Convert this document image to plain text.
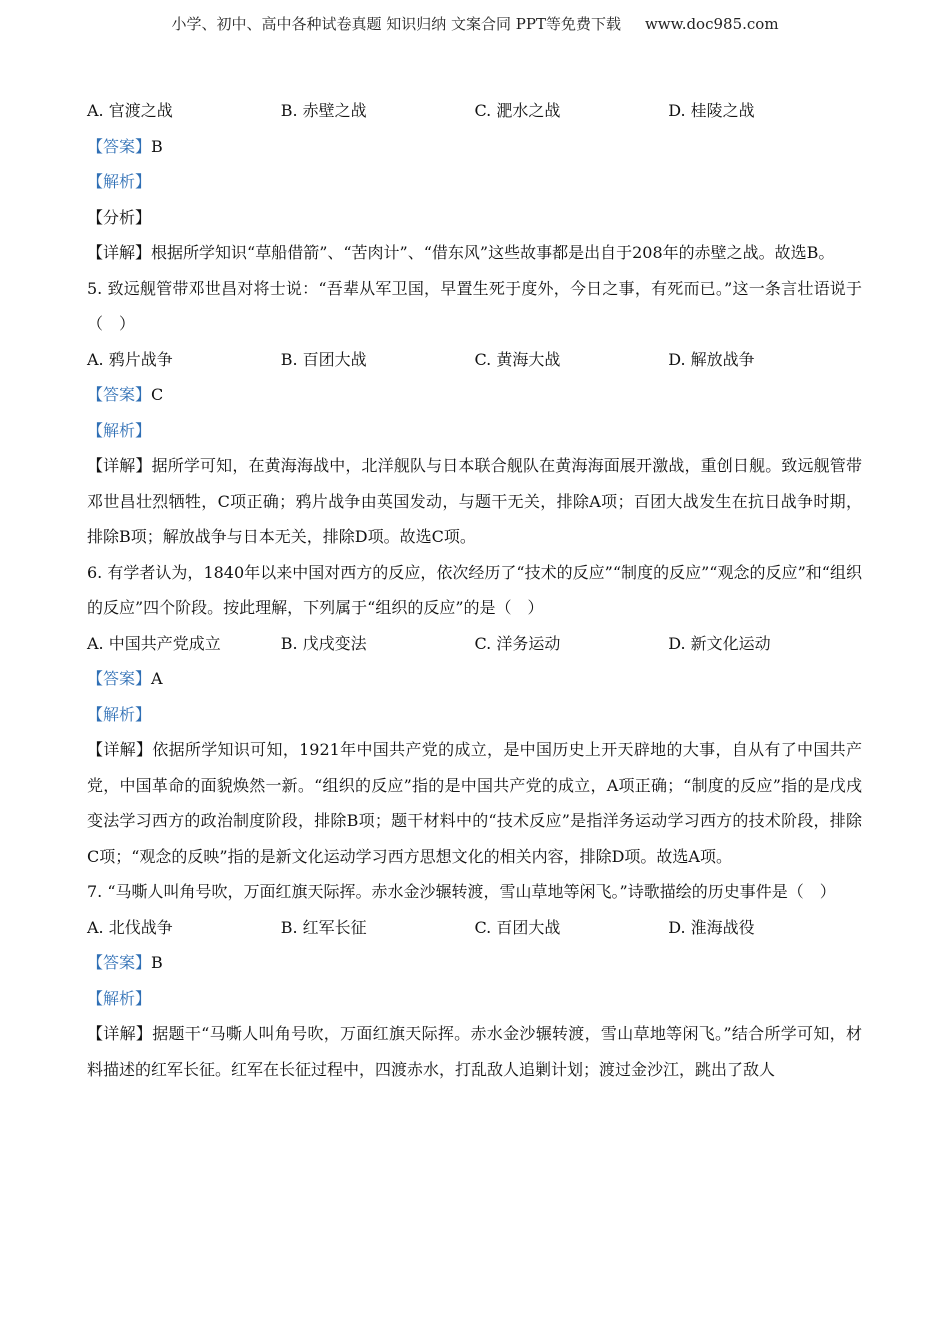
小学、初中、高中各种试卷真题 知识归纳 文案合同 PPT等免费下载 www.doc985.com
A. 官渡之战	B. 赤壁之战	C. 淝水之战	D. 桂陵之战
【答案】B
【解析】
【分析】
【详解】根据所学知识“草船借箭”、“苦肉计”、“借东风”这些故事都是出自于208年的赤壁之战。故选B。
5. 致远舰管带邓世昌对将士说：“吾辈从军卫国，早置生死于度外，今日之事，有死而已。”这一条言壮语说于（　）
A. 鸦片战争	B. 百团大战	C. 黄海大战	D. 解放战争
【答案】C
【解析】
【详解】据所学可知，在黄海海战中，北洋舰队与日本联合舰队在黄海海面展开激战，重创日舰。致远舰管带邓世昌壮烈牺牲，C项正确；鸦片战争由英国发动，与题干无关，排除A项；百团大战发生在抗日战争时期，排除B项；解放战争与日本无关，排除D项。故选C项。
6. 有学者认为，1840年以来中国对西方的反应，依次经历了“技术的反应”“制度的反应”“观念的反应”和“组织的反应”四个阶段。按此理解，下列属于“组织的反应”的是（　）
A. 中国共产党成立	B. 戊戌变法	C. 洋务运动	D. 新文化运动
【答案】A
【解析】
【详解】依据所学知识可知，1921年中国共产党的成立，是中国历史上开天辟地的大事，自从有了中国共产党，中国革命的面貌焕然一新。“组织的反应”指的是中国共产党的成立，A项正确；“制度的反应”指的是戊戌变法学习西方的政治制度阶段，排除B项；题干材料中的“技术反应”是指洋务运动学习西方的技术阶段，排除C项；“观念的反映”指的是新文化运动学习西方思想文化的相关内容，排除D项。故选A项。
7. “马嘶人叫角号吹，万面红旗天际挥。赤水金沙辗转渡，雪山草地等闲飞。”诗歌描绘的历史事件是（　）
A. 北伐战争	B. 红军长征	C. 百团大战	D. 淮海战役
【答案】B
【解析】
【详解】据题干“马嘶人叫角号吹，万面红旗天际挥。赤水金沙辗转渡，雪山草地等闲飞。”结合所学可知，材料描述的红军长征。红军在长征过程中，四渡赤水，打乱敌人追剿计划；渡过金沙江，跳出了敌人
